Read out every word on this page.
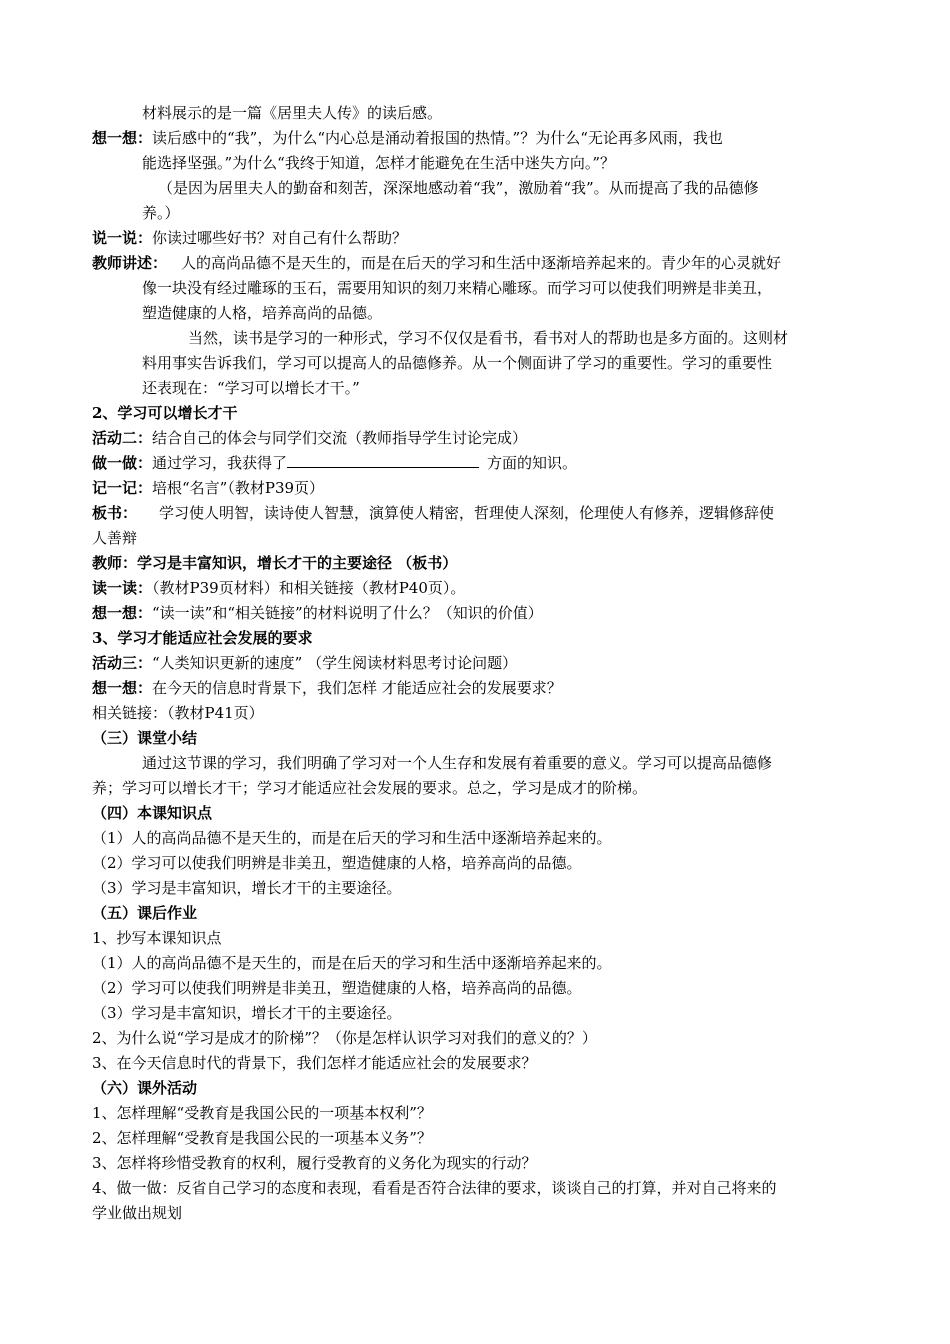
材料展示的是一篇《居里夫人传》的读后感。
想一想：读后感中的“我”，为什么“内心总是涌动着报国的热情。”？为什么“无论再多风雨，我也
能选择坚强。”为什么“我终于知道，怎样才能避免在生活中迷失方向。”？
（是因为居里夫人的勤奋和刻苦，深深地感动着“我”，激励着“我”。从而提高了我的品德修
养。）
说一说：你读过哪些好书？对自己有什么帮助？
教师讲述： 人的高尚品德不是天生的，而是在后天的学习和生活中逐渐培养起来的。青少年的心灵就好
像一块没有经过雕琢的玉石，需要用知识的刻刀来精心雕琢。而学习可以使我们明辨是非美丑，
塑造健康的人格，培养高尚的品德。
当然，读书是学习的一种形式，学习不仅仅是看书，看书对人的帮助也是多方面的。这则材
料用事实告诉我们，学习可以提高人的品德修养。从一个侧面讲了学习的重要性。学习的重要性
还表现在：“学习可以增长才干。”
2、学习可以增长才干
活动二：结合自己的体会与同学们交流（教师指导学生讨论完成）
做一做：通过学习，我获得了	方面的知识。
记一记：培根“名言”（教材P39页）
板书： 学习使人明智，读诗使人智慧，演算使人精密，哲理使人深刻，伦理使人有修养，逻辑修辞使
人善辩
教师：学习是丰富知识，增长才干的主要途径 （板书）
读一读：（教材P39页材料）和相关链接（教材P40页）。
想一想：“读一读”和“相关链接”的材料说明了什么？（知识的价值）
3、学习才能适应社会发展的要求
活动三：“人类知识更新的速度” （学生阅读材料思考讨论问题）
想一想：在今天的信息时背景下，我们怎样 才能适应社会的发展要求？
相关链接：（教材P41页）
（三）课堂小结
通过这节课的学习，我们明确了学习对一个人生存和发展有着重要的意义。学习可以提高品德修
养；学习可以增长才干；学习才能适应社会发展的要求。总之，学习是成才的阶梯。
（四）本课知识点
（1）人的高尚品德不是天生的，而是在后天的学习和生活中逐渐培养起来的。
（2）学习可以使我们明辨是非美丑，塑造健康的人格，培养高尚的品德。
（3）学习是丰富知识，增长才干的主要途径。
（五）课后作业
1、抄写本课知识点
（1）人的高尚品德不是天生的，而是在后天的学习和生活中逐渐培养起来的。
（2）学习可以使我们明辨是非美丑，塑造健康的人格，培养高尚的品德。
（3）学习是丰富知识，增长才干的主要途径。
2、为什么说“学习是成才的阶梯”？（你是怎样认识学习对我们的意义的？）
3、在今天信息时代的背景下，我们怎样才能适应社会的发展要求？
（六）课外活动
1、怎样理解“受教育是我国公民的一项基本权利”？
2、怎样理解“受教育是我国公民的一项基本义务”？
3、怎样将珍惜受教育的权利，履行受教育的义务化为现实的行动？
4、做一做：反省自己学习的态度和表现，看看是否符合法律的要求，谈谈自己的打算，并对自己将来的
学业做出规划
